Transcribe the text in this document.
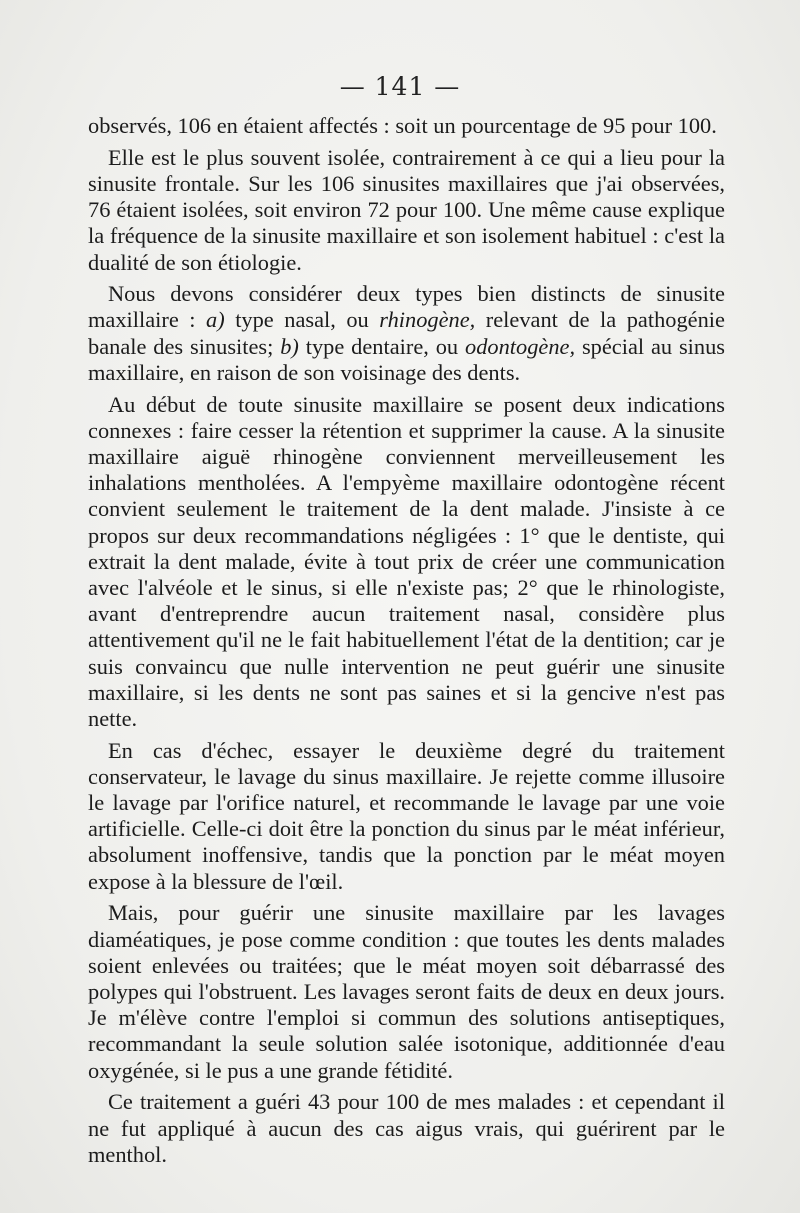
— 141 —

observés, 106 en étaient affectés : soit un pourcentage de 95 pour 100.

Elle est le plus souvent isolée, contrairement à ce qui a lieu pour la sinusite frontale. Sur les 106 sinusites maxillaires que j'ai observées, 76 étaient isolées, soit environ 72 pour 100. Une même cause explique la fréquence de la sinusite maxillaire et son isolement habituel : c'est la dualité de son étiologie.

Nous devons considérer deux types bien distincts de sinusite maxillaire : a) type nasal, ou rhinogène, relevant de la pathogénie banale des sinusites; b) type dentaire, ou odontogène, spécial au sinus maxillaire, en raison de son voisinage des dents.

Au début de toute sinusite maxillaire se posent deux indications connexes : faire cesser la rétention et supprimer la cause. A la sinusite maxillaire aiguë rhinogène conviennent merveilleusement les inhalations mentholées. A l'empyème maxillaire odontogène récent convient seulement le traitement de la dent malade. J'insiste à ce propos sur deux recommandations négligées : 1° que le dentiste, qui extrait la dent malade, évite à tout prix de créer une communication avec l'alvéole et le sinus, si elle n'existe pas; 2° que le rhinologiste, avant d'entreprendre aucun traitement nasal, considère plus attentivement qu'il ne le fait habituellement l'état de la dentition; car je suis convaincu que nulle intervention ne peut guérir une sinusite maxillaire, si les dents ne sont pas saines et si la gencive n'est pas nette.

En cas d'échec, essayer le deuxième degré du traitement conservateur, le lavage du sinus maxillaire. Je rejette comme illusoire le lavage par l'orifice naturel, et recommande le lavage par une voie artificielle. Celle-ci doit être la ponction du sinus par le méat inférieur, absolument inoffensive, tandis que la ponction par le méat moyen expose à la blessure de l'œil.

Mais, pour guérir une sinusite maxillaire par les lavages diaméatiques, je pose comme condition : que toutes les dents malades soient enlevées ou traitées; que le méat moyen soit débarrassé des polypes qui l'obstruent. Les lavages seront faits de deux en deux jours. Je m'élève contre l'emploi si commun des solutions antiseptiques, recommandant la seule solution salée isotonique, additionnée d'eau oxygénée, si le pus a une grande fétidité.

Ce traitement a guéri 43 pour 100 de mes malades : et cependant il ne fut appliqué à aucun des cas aigus vrais, qui guérirent par le menthol.
